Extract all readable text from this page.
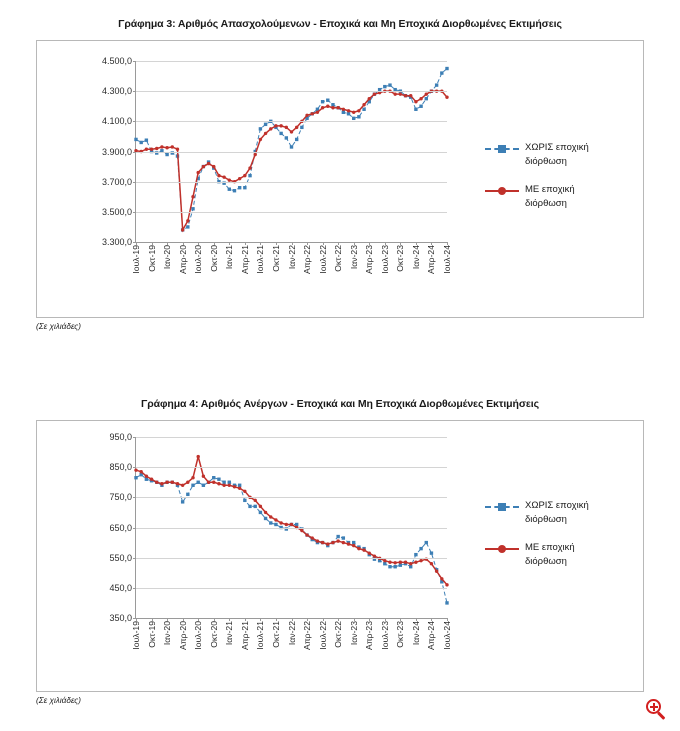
Γράφημα 3: Αριθμός Απασχολούμενων - Εποχικά και Μη Εποχικά Διορθωμένες Εκτιμήσεις
3.300,0
3.500,0
3.700,0
3.900,0
4.100,0
4.300,0
4.500,0
Ιουλ-19 Οκτ-19 Ιαν-20 Απρ-20 Ιουλ-20 Οκτ-20 Ιαν-21 Απρ-21 Ιουλ-21 Οκτ-21 Ιαν-22 Απρ-22 Ιουλ-22 Οκτ-22 Ιαν-23 Απρ-23 Ιουλ-23 Οκτ-23 Ιαν-24 Απρ-24 Ιουλ-24
ΧΩΡΙΣ εποχική διόρθωση
ΜΕ εποχική διόρθωση
(Σε χιλιάδες)
Γράφημα 4: Αριθμός Ανέργων - Εποχικά και Μη Εποχικά Διορθωμένες Εκτιμήσεις
350,0
450,0
550,0
650,0
750,0
850,0
950,0
Ιουλ-19 Οκτ-19 Ιαν-20 Απρ-20 Ιουλ-20 Οκτ-20 Ιαν-21 Απρ-21 Ιουλ-21 Οκτ-21 Ιαν-22 Απρ-22 Ιουλ-22 Οκτ-22 Ιαν-23 Απρ-23 Ιουλ-23 Οκτ-23 Ιαν-24 Απρ-24 Ιουλ-24
ΧΩΡΙΣ εποχική διόρθωση
ΜΕ εποχική διόρθωση
(Σε χιλιάδες)
